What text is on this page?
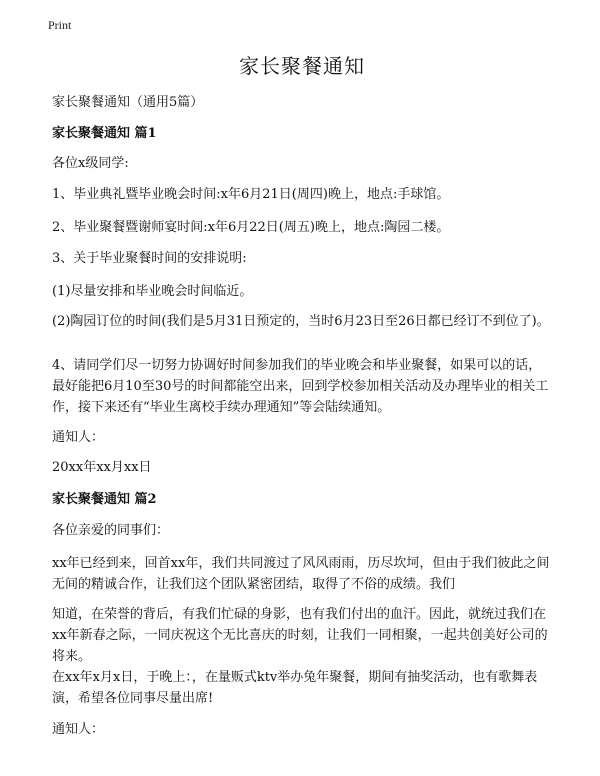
Print
家长聚餐通知

家长聚餐通知（通用5篇）

家长聚餐通知 篇1

各位x级同学:

1、毕业典礼暨毕业晚会时间:x年6月21日(周四)晚上，地点:手球馆。

2、毕业聚餐暨谢师宴时间:x年6月22日(周五)晚上，地点:陶园二楼。

3、关于毕业聚餐时间的安排说明:

(1)尽量安排和毕业晚会时间临近。

(2)陶园订位的时间(我们是5月31日预定的，当时6月23日至26日都已经订不到位了)。

4、请同学们尽一切努力协调好时间参加我们的毕业晚会和毕业聚餐，如果可以的话，最好能把6月10至30号的时间都能空出来，回到学校参加相关活动及办理毕业的相关工作，接下来还有“毕业生离校手续办理通知”等会陆续通知。

通知人：

20xx年xx月xx日

家长聚餐通知 篇2

各位亲爱的同事们：

xx年已经到来，回首xx年，我们共同渡过了风风雨雨，历尽坎坷，但由于我们彼此之间无间的精诚合作，让我们这个团队紧密团结，取得了不俗的成绩。我们

知道，在荣誉的背后，有我们忙碌的身影，也有我们付出的血汗。因此，就统过我们在xx年新春之际，一同庆祝这个无比喜庆的时刻，让我们一同相聚，一起共创美好公司的将来。

在xx年x月x日，于晚上：，在量贩式ktv举办兔年聚餐，期间有抽奖活动，也有歌舞表演，希望各位同事尽量出席!

通知人：
